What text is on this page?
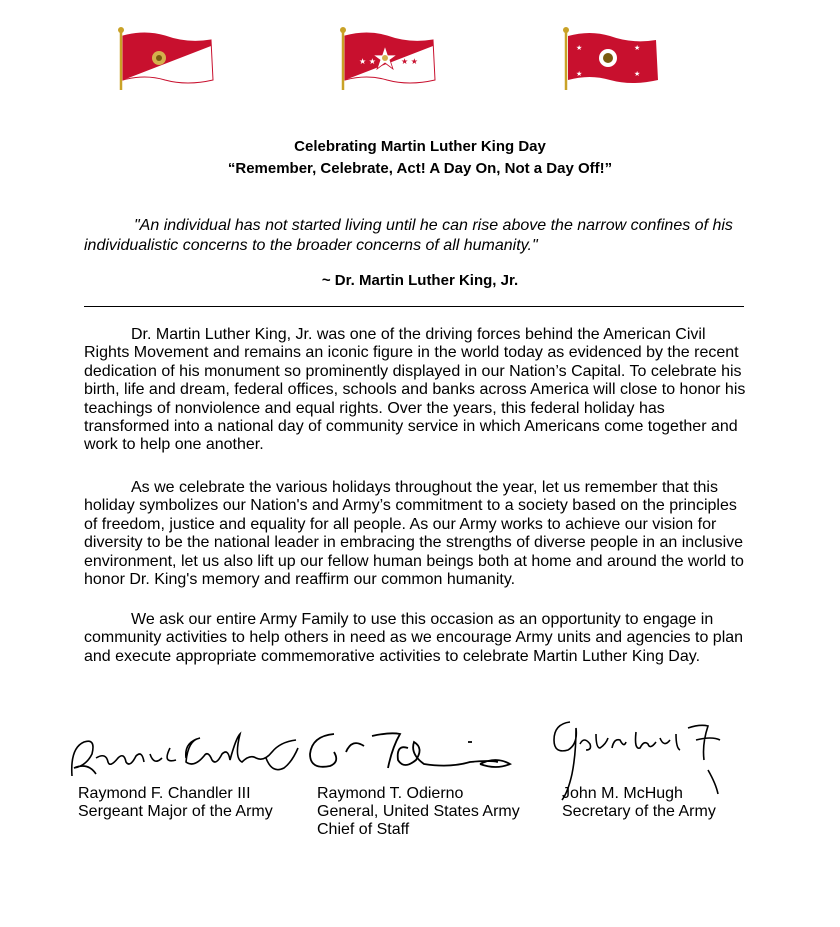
★ ★	★ ★
★	★
★	★
Celebrating Martin Luther King Day
“Remember, Celebrate, Act! A Day On, Not a Day Off!”
"An individual has not started living until he can rise above the narrow confines of his individualistic concerns to the broader concerns of all humanity."
~ Dr. Martin Luther King, Jr.

Dr. Martin Luther King, Jr. was one of the driving forces behind the American Civil Rights Movement and remains an iconic figure in the world today as evidenced by the recent dedication of his monument so prominently displayed in our Nation’s Capital. To celebrate his birth, life and dream, federal offices, schools and banks across America will close to honor his teachings of nonviolence and equal rights. Over the years, this federal holiday has transformed into a national day of community service in which Americans come together and work to help one another.

As we celebrate the various holidays throughout the year, let us remember that this holiday symbolizes our Nation's and Army’s commitment to a society based on the principles of freedom, justice and equality for all people. As our Army works to achieve our vision for diversity to be the national leader in embracing the strengths of diverse people in an inclusive environment, let us also lift up our fellow human beings both at home and around the world to honor Dr. King's memory and reaffirm our common humanity.

We ask our entire Army Family to use this occasion as an opportunity to engage in community activities to help others in need as we encourage Army units and agencies to plan and execute appropriate commemorative activities to celebrate Martin Luther King Day.

Raymond F. Chandler III
Sergeant Major of the Army
Raymond T. Odierno
General, United States Army
Chief of Staff
John M. McHugh
Secretary of the Army
